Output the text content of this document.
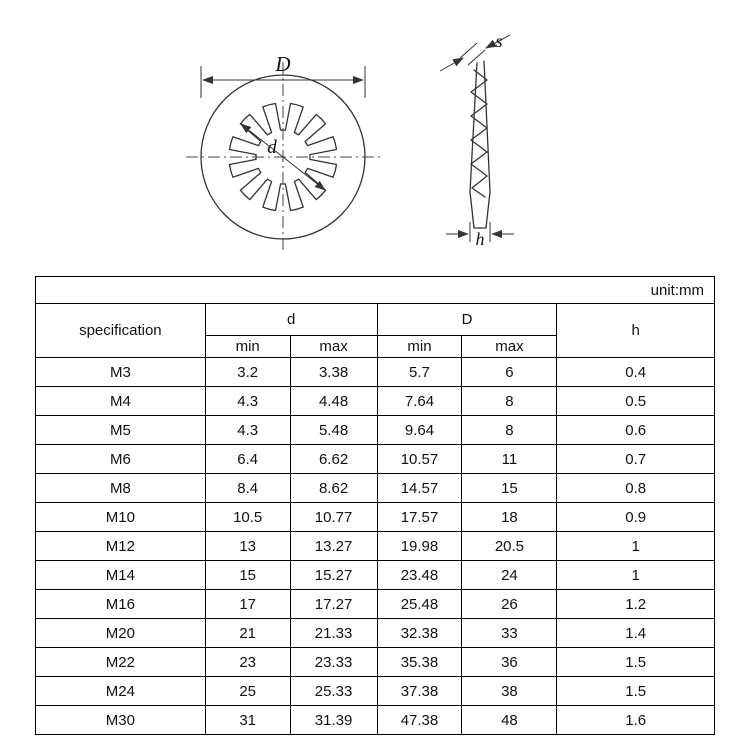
D
d
s
h
unit:mm					
specification	d		D		h
	min	max	min	max	
M3	3.2	3.38	5.7	6	0.4
M4	4.3	4.48	7.64	8	0.5
M5	4.3	5.48	9.64	8	0.6
M6	6.4	6.62	10.57	11	0.7
M8	8.4	8.62	14.57	15	0.8
M10	10.5	10.77	17.57	18	0.9
M12	13	13.27	19.98	20.5	1
M14	15	15.27	23.48	24	1
M16	17	17.27	25.48	26	1.2
M20	21	21.33	32.38	33	1.4
M22	23	23.33	35.38	36	1.5
M24	25	25.33	37.38	38	1.5
M30	31	31.39	47.38	48	1.6
